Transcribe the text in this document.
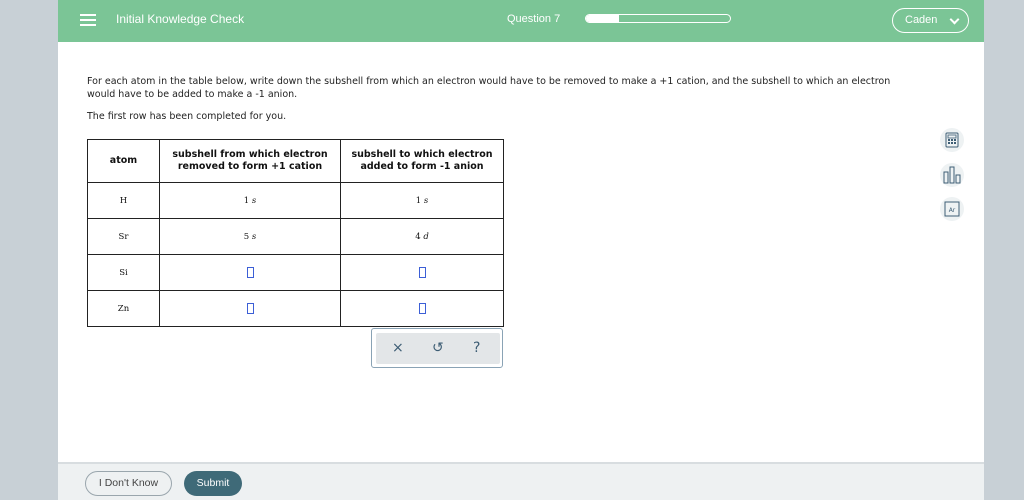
Initial Knowledge Check	Question 7	Caden
For each atom in the table below, write down the subshell from which an electron would have to be removed to make a +1 cation, and the subshell to which an electron would have to be added to make a -1 anion.
The first row has been completed for you.
atom	subshell from which electron removed to form +1 cation	subshell to which electron added to form -1 anion
H	1 s	1 s
Sr	5 s	4 d
Si		
Zn		
× ↺ ?
Ar
I Don't Know	Submit
